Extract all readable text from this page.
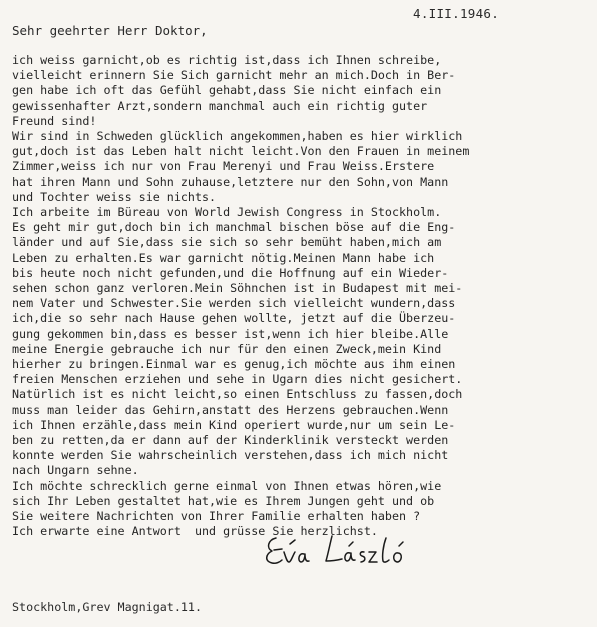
4.III.1946.
Sehr geehrter Herr Doktor,
ich weiss garnicht,ob es richtig ist,dass ich Ihnen schreibe,
vielleicht erinnern Sie Sich garnicht mehr an mich.Doch in Ber-
gen habe ich oft das Gefühl gehabt,dass Sie nicht einfach ein
gewissenhafter Arzt,sondern manchmal auch ein richtig guter
Freund sind!
Wir sind in Schweden glücklich angekommen,haben es hier wirklich
gut,doch ist das Leben halt nicht leicht.Von den Frauen in meinem
Zimmer,weiss ich nur von Frau Merenyi und Frau Weiss.Erstere
hat ihren Mann und Sohn zuhause,letztere nur den Sohn,von Mann
und Tochter weiss sie nichts.
Ich arbeite im Büreau von World Jewish Congress in Stockholm.
Es geht mir gut,doch bin ich manchmal bischen böse auf die Eng-
länder und auf Sie,dass sie sich so sehr bemüht haben,mich am
Leben zu erhalten.Es war garnicht nötig.Meinen Mann habe ich
bis heute noch nicht gefunden,und die Hoffnung auf ein Wieder-
sehen schon ganz verloren.Mein Söhnchen ist in Budapest mit mei-
nem Vater und Schwester.Sie werden sich vielleicht wundern,dass
ich,die so sehr nach Hause gehen wollte, jetzt auf die Überzeu-
gung gekommen bin,dass es besser ist,wenn ich hier bleibe.Alle
meine Energie gebrauche ich nur für den einen Zweck,mein Kind
hierher zu bringen.Einmal war es genug,ich möchte aus ihm einen
freien Menschen erziehen und sehe in Ugarn dies nicht gesichert.
Natürlich ist es nicht leicht,so einen Entschluss zu fassen,doch
muss man leider das Gehirn,anstatt des Herzens gebrauchen.Wenn
ich Ihnen erzähle,dass mein Kind operiert wurde,nur um sein Le-
ben zu retten,da er dann auf der Kinderklinik versteckt werden
konnte werden Sie wahrscheinlich verstehen,dass ich mich nicht
nach Ungarn sehne.
Ich möchte schrecklich gerne einmal von Ihnen etwas hören,wie
sich Ihr Leben gestaltet hat,wie es Ihrem Jungen geht und ob
Sie weitere Nachrichten von Ihrer Familie erhalten haben ?
Ich erwarte eine Antwort  und grüsse Sie herzlichst.
Stockholm,Grev Magnigat.11.
